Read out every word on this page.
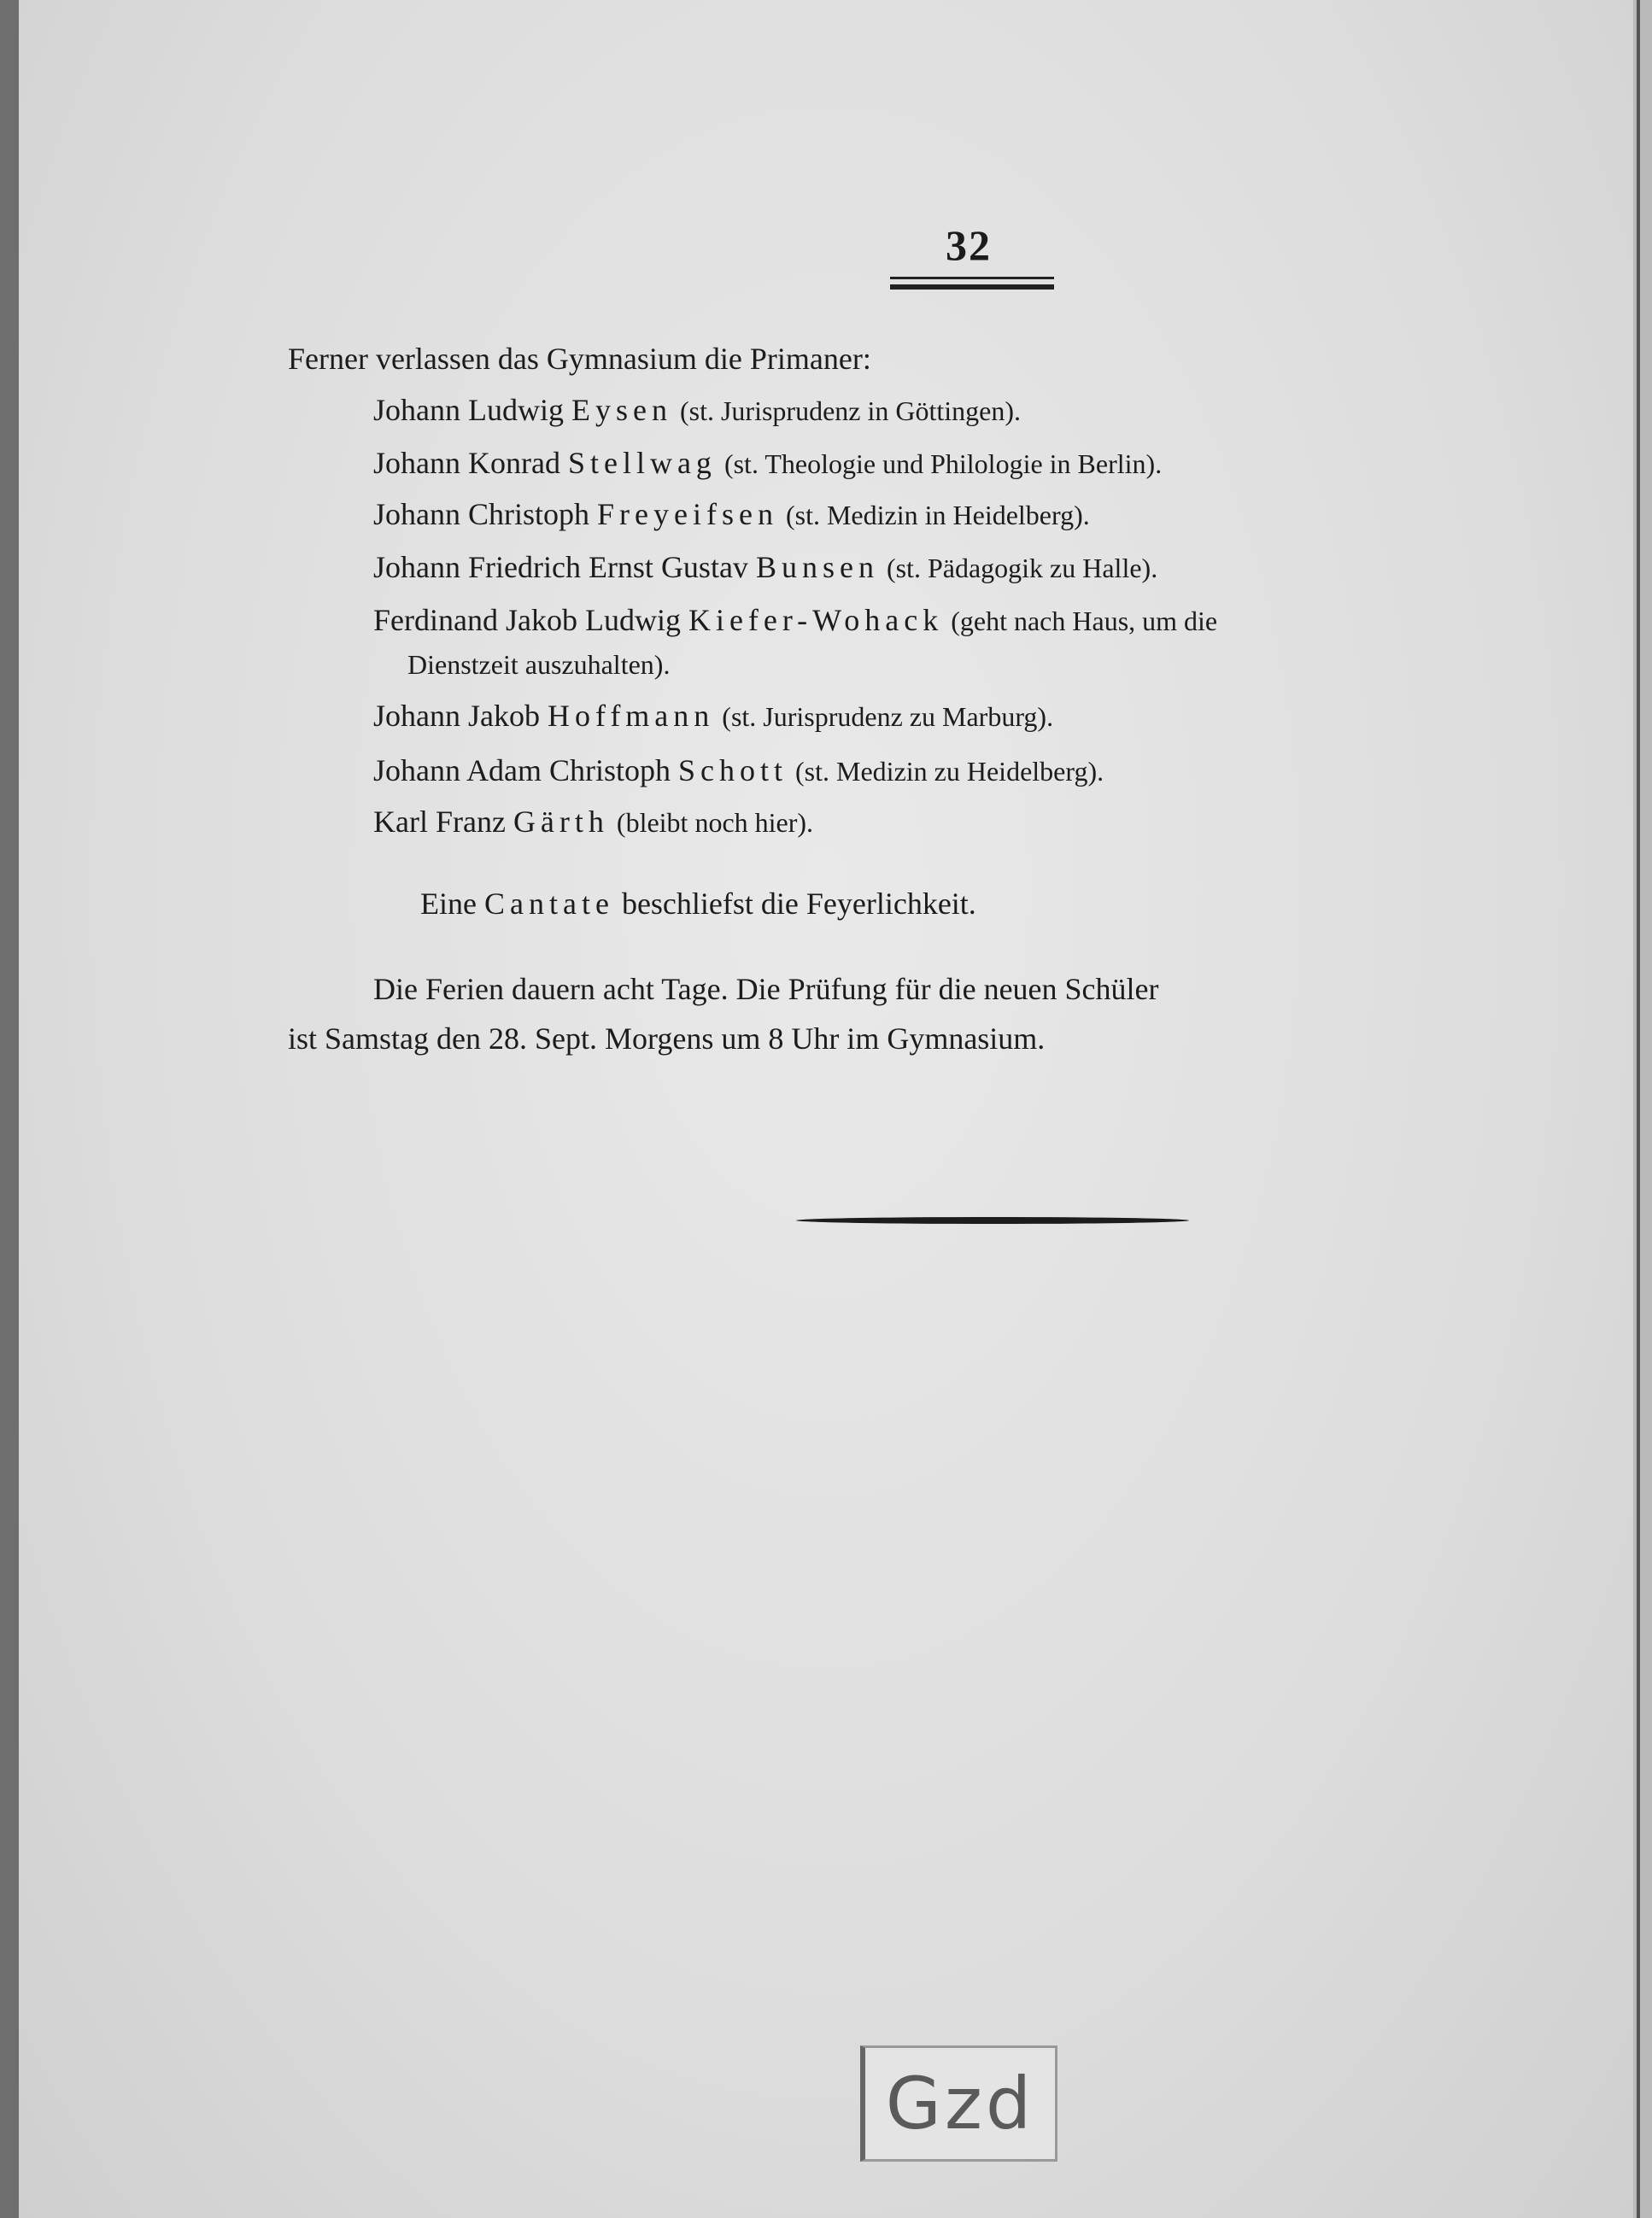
32
Ferner verlassen das Gymnasium die Primaner:
Johann Ludwig Eysen (st. Jurisprudenz in Göttingen).
Johann Konrad Stellwag (st. Theologie und Philologie in Berlin).
Johann Christoph Freyeifsen (st. Medizin in Heidelberg).
Johann Friedrich Ernst Gustav Bunsen (st. Pädagogik zu Halle).
Ferdinand Jakob Ludwig Kiefer-Wohack (geht nach Haus, um die
Dienstzeit auszuhalten).
Johann Jakob Hoffmann (st. Jurisprudenz zu Marburg).
Johann Adam Christoph Schott (st. Medizin zu Heidelberg).
Karl Franz Gärth (bleibt noch hier).
Eine Cantate beschliefst die Feyerlichkeit.
Die Ferien dauern acht Tage. Die Prüfung für die neuen Schüler
ist Samstag den 28. Sept. Morgens um 8 Uhr im Gymnasium.
Gzd
